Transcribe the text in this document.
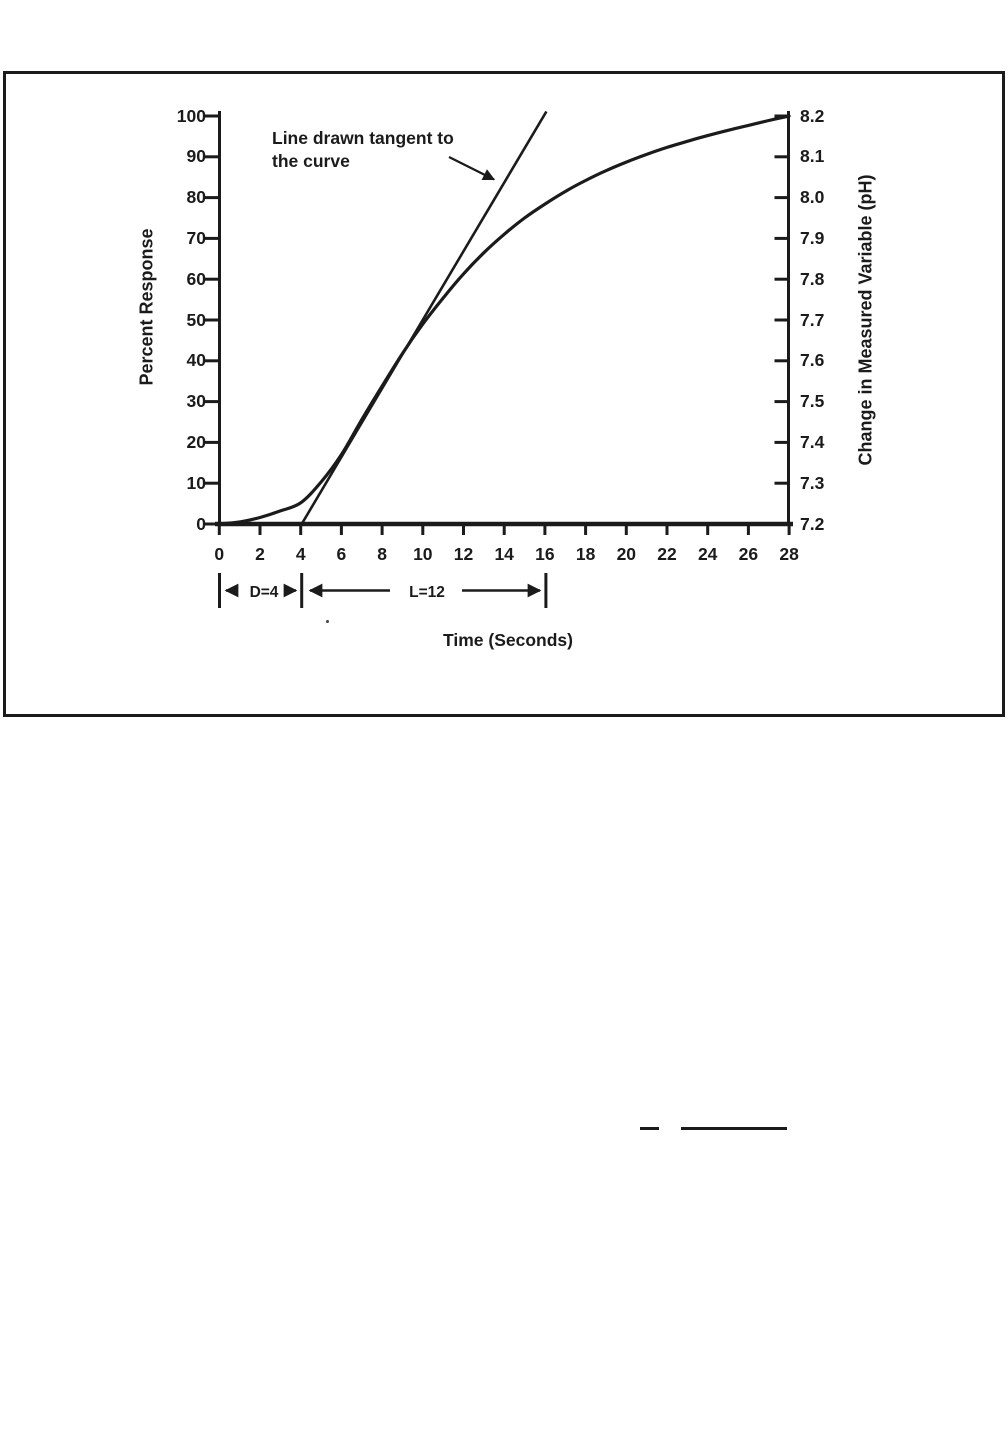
Percent Response	Change in Measured Variable (pH)
Line drawn tangent to
the curve
D=4	L=12
Time (Seconds)
0
10
20
30
40
50
60
70
80
90
100
7.2
7.3
7.4
7.5
7.6
7.7
7.8
7.9
8.0
8.1
8.2
0	2	4	6	8	10	12	14	16	18	20	22	24	26	28
